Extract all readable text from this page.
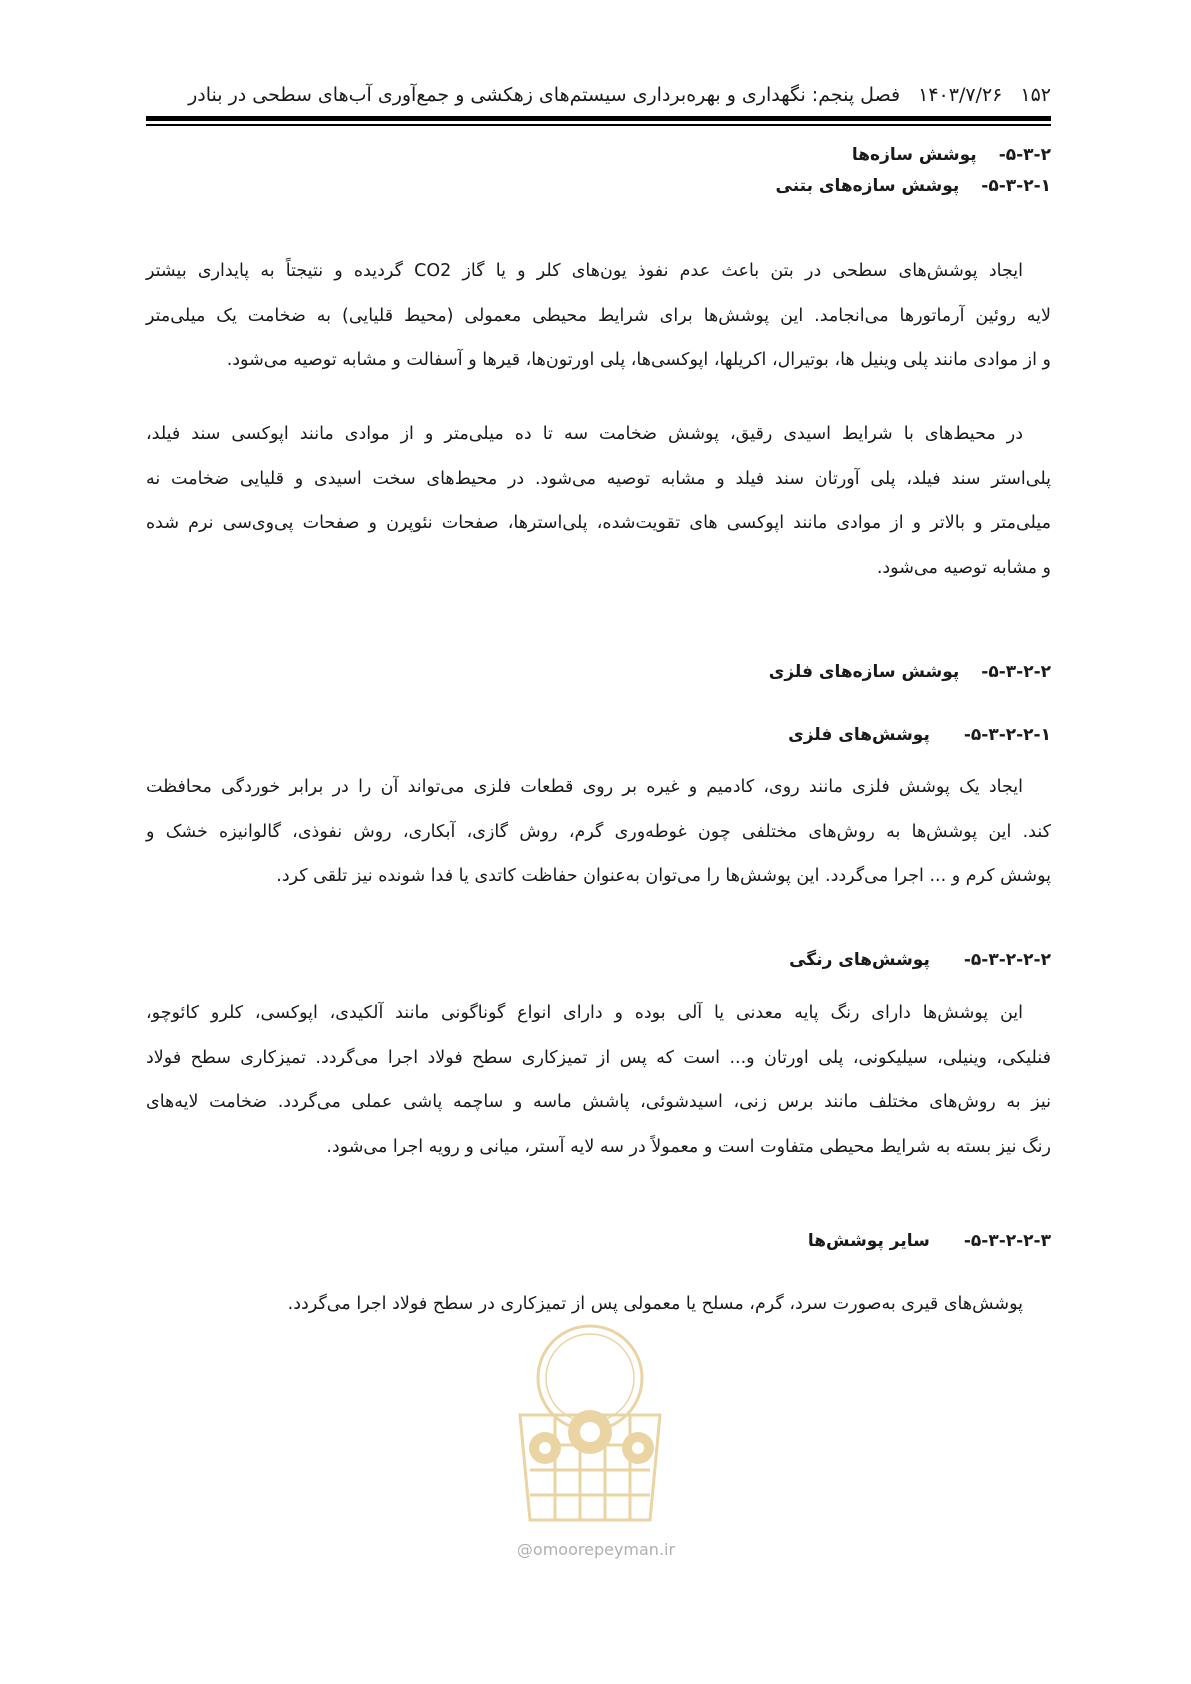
۱۵۲
۱۴۰۳/۷/۲۶
فصل پنجم: نگهداری و بهره‌برداری سیستم‌های زهکشی و جمع‌آوری آب‌های سطحی در بنادر
۵-۳-۲-پوشش سازه‌ها
۵-۳-۲-۱-پوشش سازه‌های بتنی
ایجاد پوشش‌های سطحی در بتن باعث عدم نفوذ یون‌های کلر و یا گاز CO2 گردیده و نتیجتاً به پایداری بیشتر
لایه روئین آرماتورها می‌انجامد. این پوشش‌ها برای شرایط محیطی معمولی (محیط قلیایی) به ضخامت یک میلی‌متر
و از موادی مانند پلی وینیل ها، بوتیرال، اکریلها، اپوکسی‌ها، پلی اورتون‌ها، قیرها و آسفالت و مشابه توصیه می‌شود.
در محیط‌های با شرایط اسیدی رقیق، پوشش ضخامت سه تا ده میلی‌متر و از موادی مانند اپوکسی سند فیلد،
پلی‌استر سند فیلد، پلی آورتان سند فیلد و مشابه توصیه می‌شود. در محیط‌های سخت اسیدی و قلیایی ضخامت نه
میلی‌متر و بالاتر و از موادی مانند اپوکسی های تقویت‌شده، پلی‌استرها، صفحات نئوپرن و صفحات پی‌وی‌سی نرم شده
و مشابه توصیه می‌شود.
۵-۳-۲-۲-پوشش سازه‌های فلزی
۵-۳-۲-۲-۱-پوشش‌های فلزی
ایجاد یک پوشش فلزی مانند روی، کادمیم و غیره بر روی قطعات فلزی می‌تواند آن را در برابر خوردگی محافظت
کند. این پوشش‌ها به روش‌های مختلفی چون غوطه‌وری گرم، روش گازی، آبکاری، روش نفوذی، گالوانیزه خشک و
پوشش کرم و ... اجرا می‌گردد. این پوشش‌ها را می‌توان به‌عنوان حفاظت کاتدی یا فدا شونده نیز تلقی کرد.
۵-۳-۲-۲-۲-پوشش‌های رنگی
این پوشش‌ها دارای رنگ پایه معدنی یا آلی بوده و دارای انواع گوناگونی مانند آلکیدی، اپوکسی، کلرو کائوچو،
فنلیکی، وینیلی، سیلیکونی، پلی اورتان و... است که پس از تمیزکاری سطح فولاد اجرا می‌گردد. تمیزکاری سطح فولاد
نیز به روش‌های مختلف مانند برس زنی، اسیدشوئی، پاشش ماسه و ساچمه پاشی عملی می‌گردد. ضخامت لایه‌های
رنگ نیز بسته به شرایط محیطی متفاوت است و معمولاً در سه لایه آستر، میانی و رویه اجرا می‌شود.
۵-۳-۲-۲-۳-سایر پوشش‌ها
پوشش‌های قیری به‌صورت سرد، گرم، مسلح یا معمولی پس از تمیزکاری در سطح فولاد اجرا می‌گردد.
@omoorepeyman.ir
